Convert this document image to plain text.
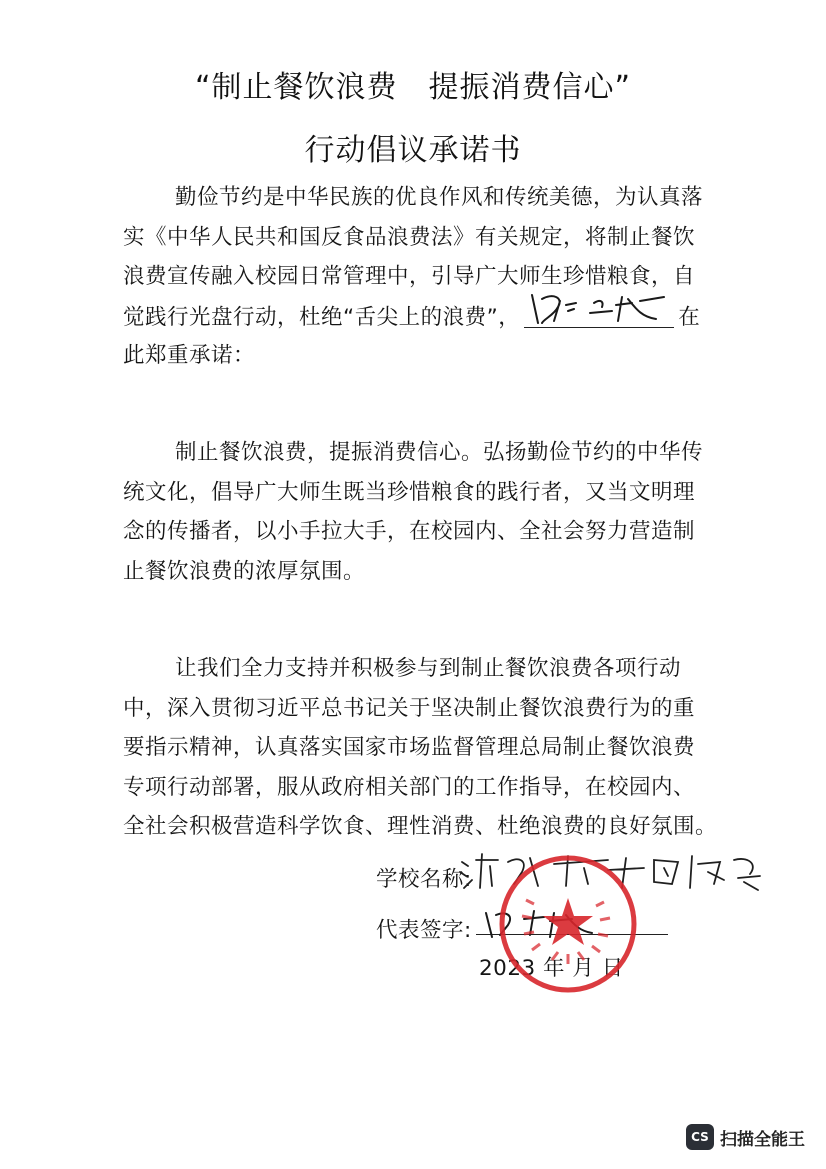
“制止餐饮浪费　提振消费信心”
行动倡议承诺书
勤俭节约是中华民族的优良作风和传统美德，为认真落
实《中华人民共和国反食品浪费法》有关规定，将制止餐饮
浪费宣传融入校园日常管理中，引导广大师生珍惜粮食，自
觉践行光盘行动，杜绝“舌尖上的浪费”，	在
此郑重承诺：
制止餐饮浪费，提振消费信心。弘扬勤俭节约的中华传
统文化，倡导广大师生既当珍惜粮食的践行者，又当文明理
念的传播者，以小手拉大手，在校园内、全社会努力营造制
止餐饮浪费的浓厚氛围。
让我们全力支持并积极参与到制止餐饮浪费各项行动
中，深入贯彻习近平总书记关于坚决制止餐饮浪费行为的重
要指示精神，认真落实国家市场监督管理总局制止餐饮浪费
专项行动部署，服从政府相关部门的工作指导，在校园内、
全社会积极营造科学饮食、理性消费、杜绝浪费的良好氛围。
学校名称:
代表签字:
2023 年 月 日
CS 扫描全能王
